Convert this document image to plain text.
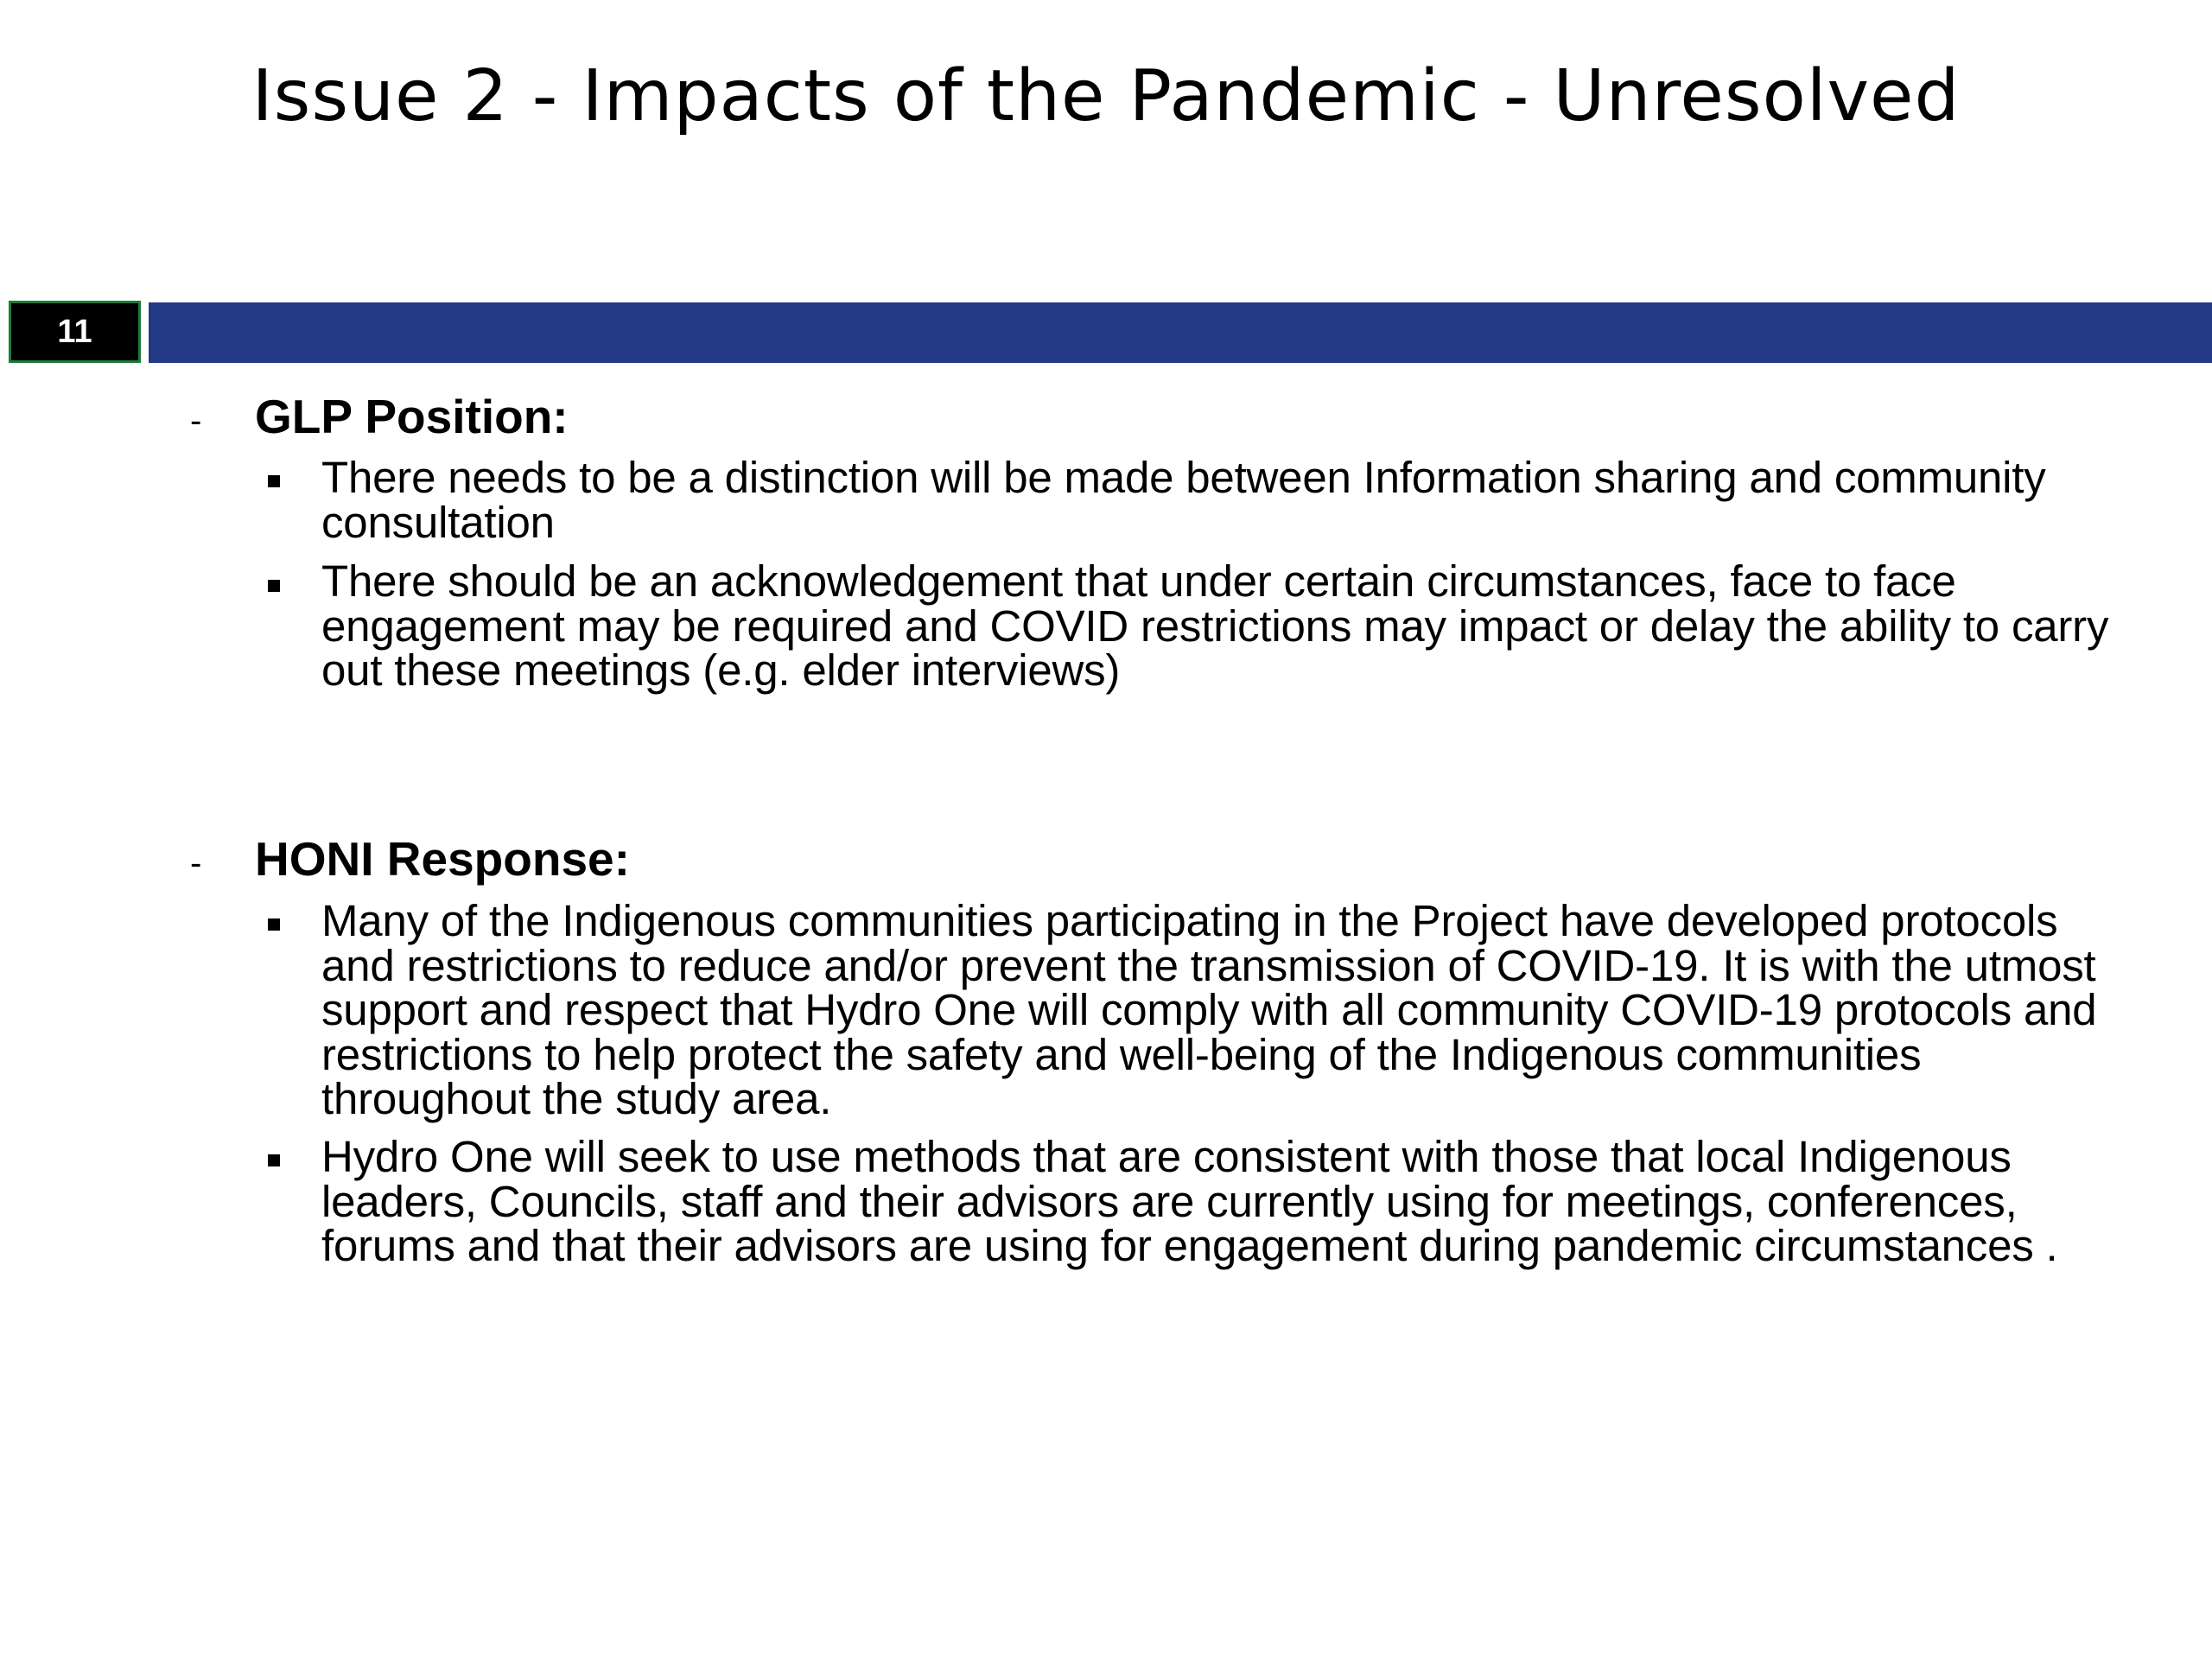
Issue 2 - Impacts of the Pandemic - Unresolved
11
- GLP Position:
There needs to be a distinction will be made between Information sharing and community consultation
There should be an acknowledgement that under certain circumstances, face to face engagement may be required and COVID restrictions may impact or delay the ability to carry out these meetings (e.g. elder interviews)
- HONI Response:
Many of the Indigenous communities participating in the Project have developed protocols and restrictions to reduce and/or prevent the transmission of COVID-19. It is with the utmost support and respect that Hydro One will comply with all community COVID-19 protocols and restrictions to help protect the safety and well-being of the Indigenous communities throughout the study area.
Hydro One will seek to use methods that are consistent with those that local Indigenous leaders, Councils, staff and their advisors are currently using for meetings, conferences, forums and that their advisors are using for engagement during pandemic circumstances .
